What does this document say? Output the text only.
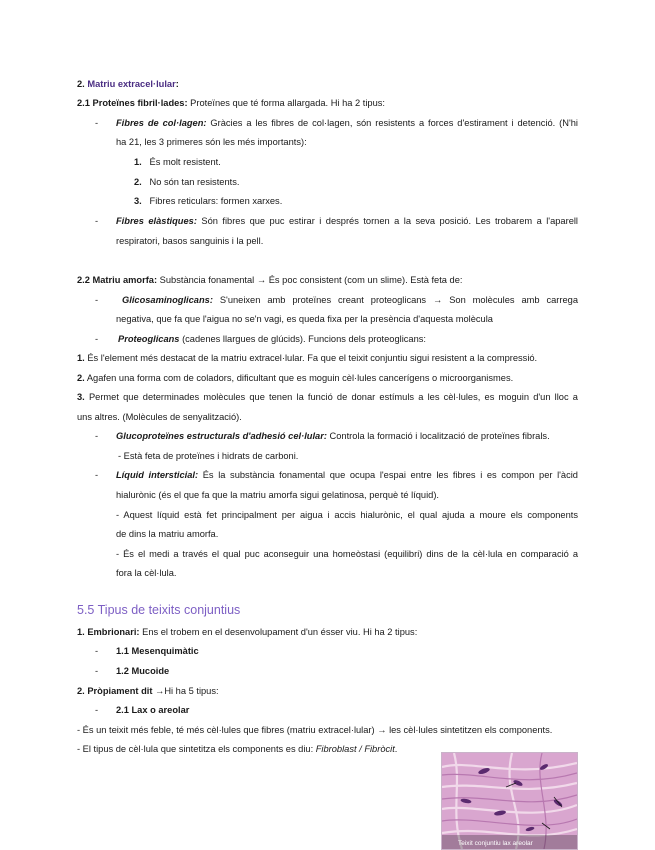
2. Matriu extracel·lular:
2.1 Proteïnes fibril·lades: Proteïnes que té forma allargada. Hi ha 2 tipus:
- Fibres de col·lagen: Gràcies a les fibres de col·lagen, són resistents a forces d'estirament i detenció. (N'hi
ha 21, les 3 primeres són les més importants):
1. És molt resistent.
2. No són tan resistents.
3. Fibres reticulars: formen xarxes.
- Fibres elàstiques: Són fibres que puc estirar i després tornen a la seva posició. Les trobarem a l'aparell
respiratori, basos sanguinis i la pell.
2.2 Matriu amorfa: Substància fonamental → És poc consistent (com un slime). Està feta de:
-	Glicosaminoglicans: S'uneixen amb proteïnes creant proteoglicans → Son molècules amb carrega
negativa, que fa que l'aigua no se'n vagi, es queda fixa per la presència d'aquesta molècula
- Proteoglicans (cadenes llargues de glúcids). Funcions dels proteoglicans:
1. És l'element més destacat de la matriu extracel·lular. Fa que el teixit conjuntiu sigui resistent a la compressió.
2. Agafen una forma com de coladors, dificultant que es moguin cèl·lules cancerígens o microorganismes.
3. Permet que determinades molècules que tenen la funció de donar estímuls a les cèl·lules, es moguin d'un lloc a
uns altres. (Molècules de senyalització).
- Glucoproteïnes estructurals d'adhesió cel·lular: Controla la formació i localització de proteïnes fibrals.
- Està feta de proteïnes i hidrats de carboni.
- Líquid intersticial: És la substància fonamental que ocupa l'espai entre les fibres i es compon per l'àcid
hialurònic (és el que fa que la matriu amorfa sigui gelatinosa, perquè té líquid).
- Aquest líquid està fet principalment per aigua i accis hialurònic, el qual ajuda a moure els components
de dins la matriu amorfa.
- És el medi a través el qual puc aconseguir una homeòstasi (equilibri) dins de la cèl·lula en comparació a
fora la cèl·lula.
5.5 Tipus de teixits conjuntius
1. Embrionari: Ens el trobem en el desenvolupament d'un ésser viu. Hi ha 2 tipus:
- 1.1 Mesenquimàtic
- 1.2 Mucoide
2. Pròpiament dit →Hi ha 5 tipus:
- 2.1 Lax o areolar
- És un teixit més feble, té més cèl·lules que fibres (matriu extracel·lular) → les cèl·lules sintetitzen els components.
- El tipus de cèl·lula que sintetitza els components es diu: Fibroblast / Fibròcit.
Teixit conjuntiu lax areolar
